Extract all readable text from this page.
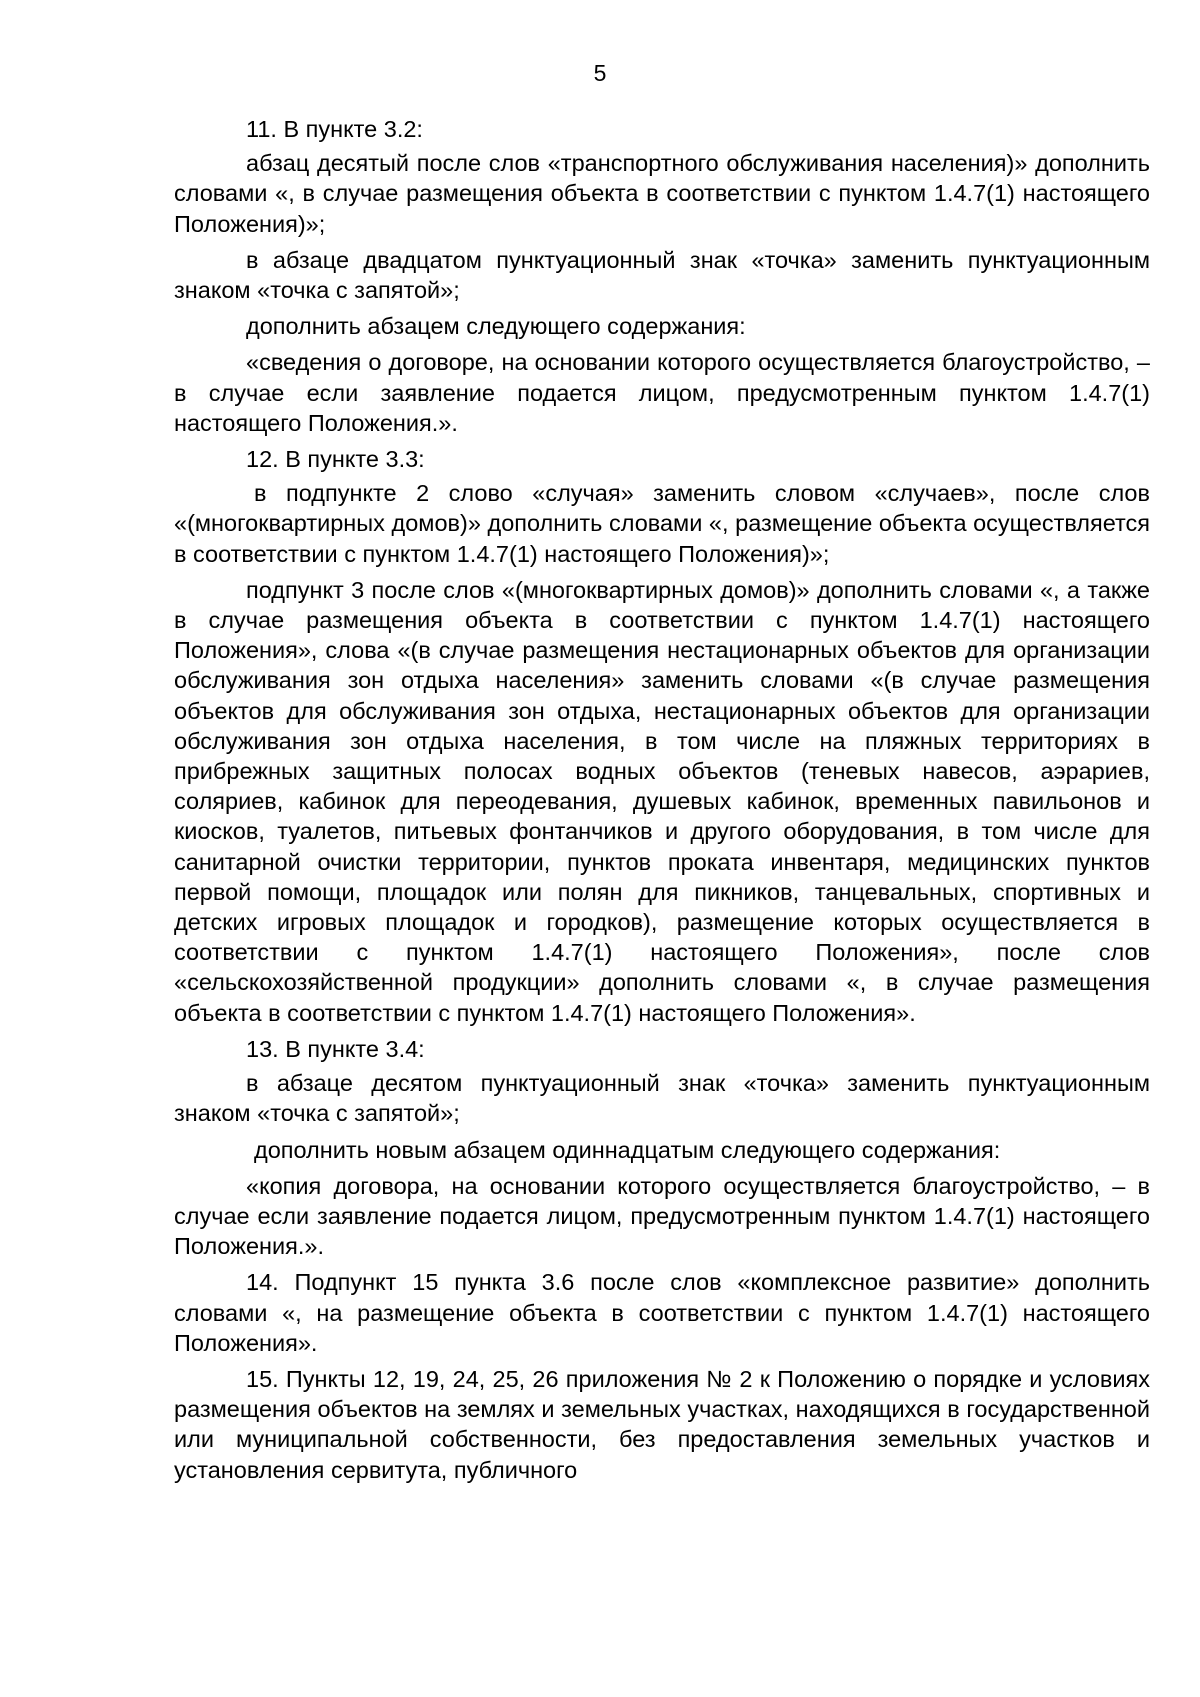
5

11. В пункте 3.2:

абзац десятый после слов «транспортного обслуживания населения)» дополнить словами «, в случае размещения объекта в соответствии с пунктом 1.4.7(1) настоящего Положения)»;

в абзаце двадцатом пунктуационный знак «точка» заменить пунктуационным знаком «точка с запятой»;

дополнить абзацем следующего содержания:

«сведения о договоре, на основании которого осуществляется благоустройство, – в случае если заявление подается лицом, предусмотренным пунктом 1.4.7(1) настоящего Положения.».

12. В пункте 3.3:

в подпункте 2 слово «случая» заменить словом «случаев», после слов «(многоквартирных домов)» дополнить словами «, размещение объекта осуществляется в соответствии с пунктом 1.4.7(1) настоящего Положения)»;

подпункт 3 после слов «(многоквартирных домов)» дополнить словами «, а также в случае размещения объекта в соответствии с пунктом 1.4.7(1) настоящего Положения», слова «(в случае размещения нестационарных объектов для организации обслуживания зон отдыха населения» заменить словами «(в случае размещения объектов для обслуживания зон отдыха, нестационарных объектов для организации обслуживания зон отдыха населения, в том числе на пляжных территориях в прибрежных защитных полосах водных объектов (теневых навесов, аэрариев, соляриев, кабинок для переодевания, душевых кабинок, временных павильонов и киосков, туалетов, питьевых фонтанчиков и другого оборудования, в том числе для санитарной очистки территории, пунктов проката инвентаря, медицинских пунктов первой помощи, площадок или полян для пикников, танцевальных, спортивных и детских игровых площадок и городков), размещение которых осуществляется в соответствии с пунктом 1.4.7(1) настоящего Положения», после слов «сельскохозяйственной продукции» дополнить словами «, в случае размещения объекта в соответствии с пунктом 1.4.7(1) настоящего Положения».

13. В пункте 3.4:

в абзаце десятом пунктуационный знак «точка» заменить пунктуационным знаком «точка с запятой»;

дополнить новым абзацем одиннадцатым следующего содержания:

«копия договора, на основании которого осуществляется благоустройство, – в случае если заявление подается лицом, предусмотренным пунктом 1.4.7(1) настоящего Положения.».

14. Подпункт 15 пункта 3.6 после слов «комплексное развитие» дополнить словами «, на размещение объекта в соответствии с пунктом 1.4.7(1) настоящего Положения».

15. Пункты 12, 19, 24, 25, 26 приложения № 2 к Положению о порядке и условиях размещения объектов на землях и земельных участках, находящихся в государственной или муниципальной собственности, без предоставления земельных участков и установления сервитута, публичного
